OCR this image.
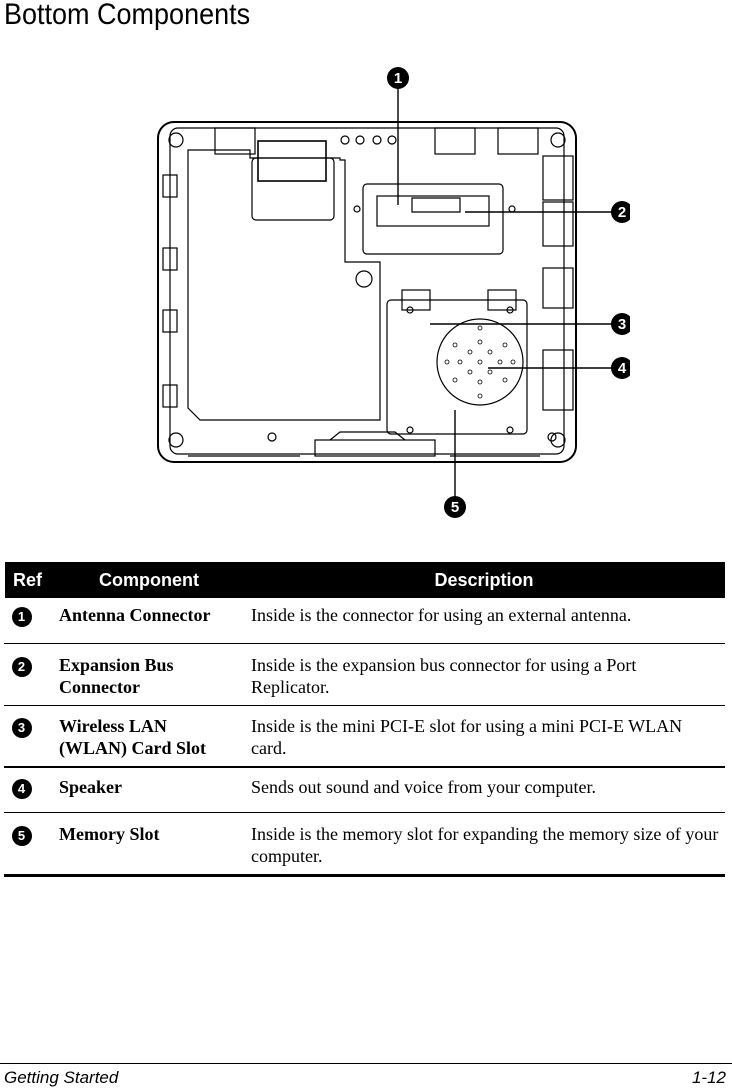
Bottom Components
1
2
3
4
5
Ref	Component	Description
1	Antenna Connector	Inside is the connector for using an external antenna.
2	Expansion Bus Connector	Inside is the expansion bus connector for using a Port Replicator.
3	Wireless LAN (WLAN) Card Slot	Inside is the mini PCI-E slot for using a mini PCI-E WLAN card.
4	Speaker	Sends out sound and voice from your computer.
5	Memory Slot	Inside is the memory slot for expanding the memory size of your computer.
Getting Started	1-12
